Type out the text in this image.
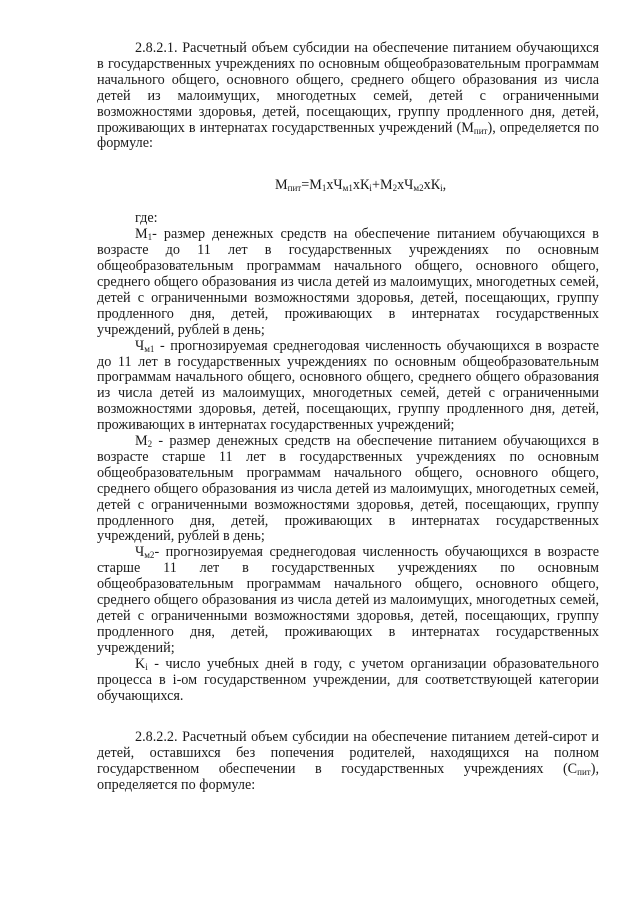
2.8.2.1. Расчетный объем субсидии на обеспечение питанием обучающихся в государственных учреждениях по основным общеобразовательным программам начального общего, основного общего, среднего общего образования из числа детей из малоимущих, многодетных семей, детей с ограниченными возможностями здоровья, детей, посещающих, группу продленного дня, детей, проживающих в интернатах государственных учреждений $(М_{пит})$, определяется по формуле:

$М_{пит}=М_1хЧ_{м1}хК_i+М_2хЧ_{м2}хК_i$,

где:

$М_1-$ размер денежных средств на обеспечение питанием обучающихся в возрасте до 11 лет в государственных учреждениях по основным общеобразовательным программам начального общего, основного общего, среднего общего образования из числа детей из малоимущих, многодетных семей, детей с ограниченными возможностями здоровья, детей, посещающих, группу продленного дня, детей, проживающих в интернатах государственных учреждений, рублей в день;

$Ч_{м1}$ - прогнозируемая среднегодовая численность обучающихся в возрасте до 11 лет в государственных учреждениях по основным общеобразовательным программам начального общего, основного общего, среднего общего образования из числа детей из малоимущих, многодетных семей, детей с ограниченными возможностями здоровья, детей, посещающих, группу продленного дня, детей, проживающих в интернатах государственных учреждений;

$М_2$ - размер денежных средств на обеспечение питанием обучающихся в возрасте старше 11 лет в государственных учреждениях по основным общеобразовательным программам начального общего, основного общего, среднего общего образования из числа детей из малоимущих, многодетных семей, детей с ограниченными возможностями здоровья, детей, посещающих, группу продленного дня, детей, проживающих в интернатах государственных учреждений, рублей в день;

$Ч_{м2}-$ прогнозируемая среднегодовая численность обучающихся в возрасте старше 11 лет в государственных учреждениях по основным общеобразовательным программам начального общего, основного общего, среднего общего образования из числа детей из малоимущих, многодетных семей, детей с ограниченными возможностями здоровья, детей, посещающих, группу продленного дня, детей, проживающих в интернатах государственных учреждений;

$K_i$ - число учебных дней в году, с учетом организации образовательного процесса в i-ом государственном учреждении, для соответствующей категории обучающихся.

2.8.2.2. Расчетный объем субсидии на обеспечение питанием детей-сирот и детей, оставшихся без попечения родителей, находящихся на полном государственном обеспечении в государственных учреждениях $(С_{пит})$, определяется по формуле:
